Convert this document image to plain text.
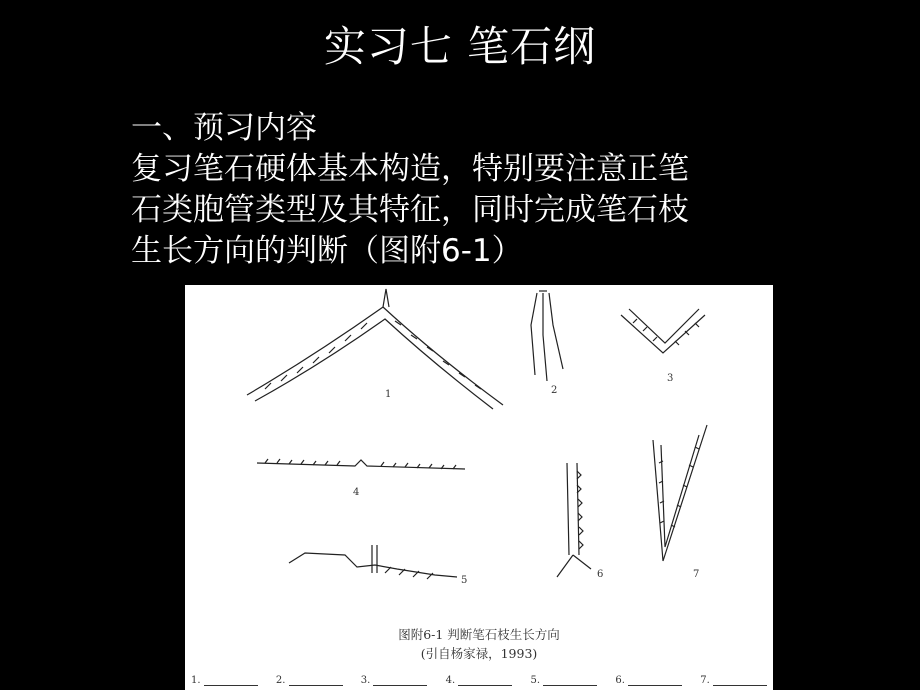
实习七 笔石纲
一、预习内容
复习笔石硬体基本构造，特别要注意正笔
石类胞管类型及其特征，同时完成笔石枝
生长方向的判断（图附6-1）
1	2
3
4
5
6	7
图附6-1 判断笔石枝生长方向
(引自杨家禄，1993)
1.	2.	3.	4.	5.	6.	7.
